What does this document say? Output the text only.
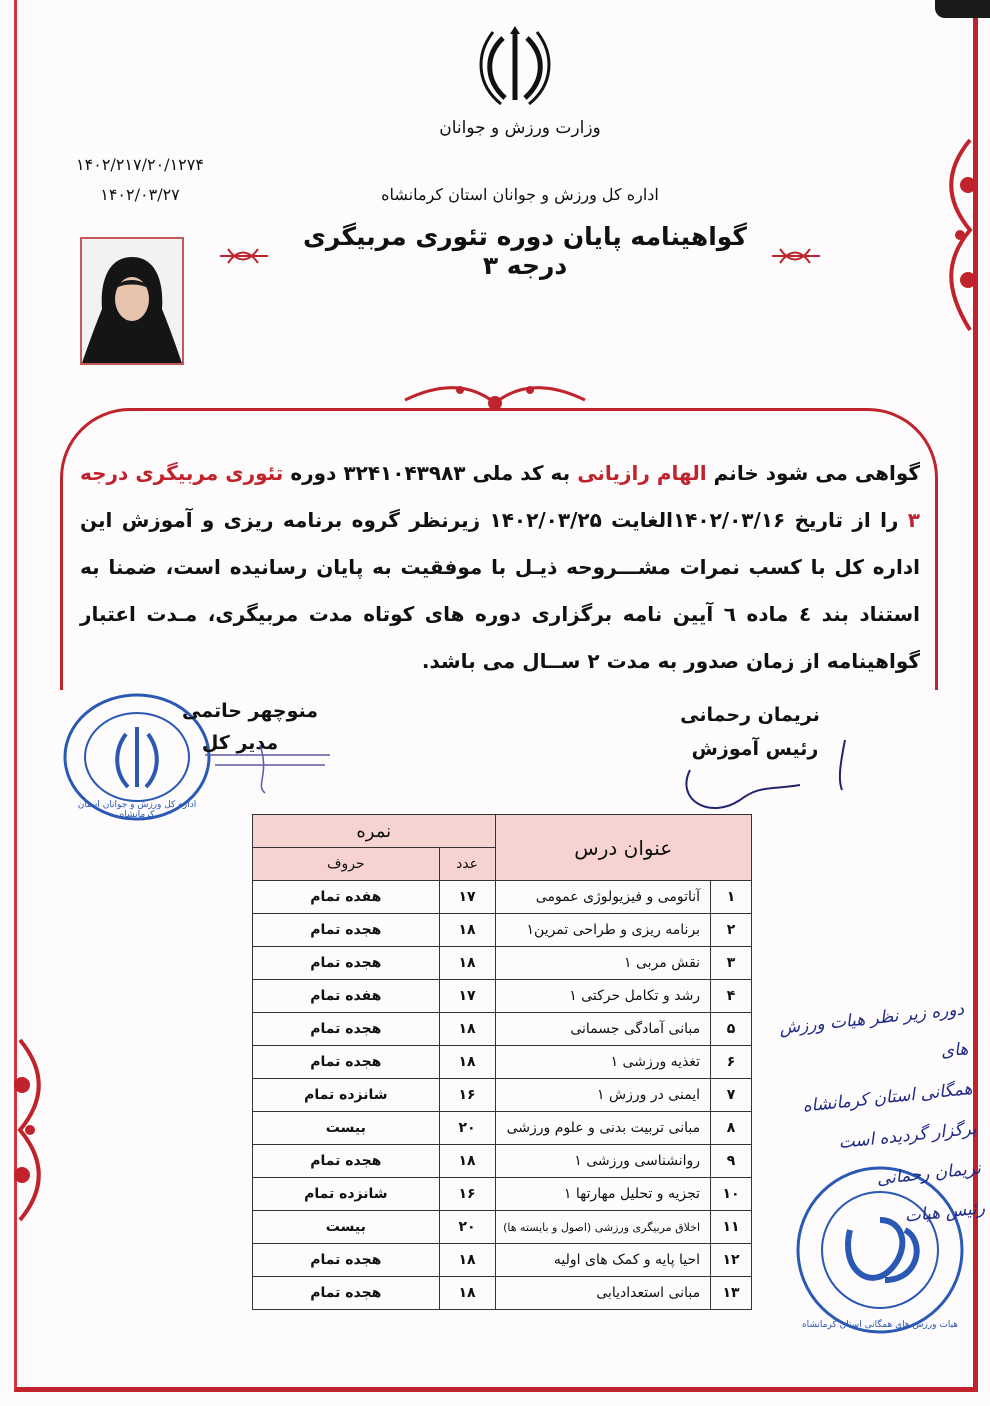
وزارت ورزش و جوانان
۱۴۰۲/۲۱۷/۲۰/۱۲۷۴
۱۴۰۲/۰۳/۲۷	اداره کل ورزش و جوانان استان کرمانشاه
گواهینامه پایان دوره تئوری مربیگری درجه ۳
گواهی می شود خانم الهام رازیانی به کد ملی ۳۲۴۱۰۴۳۹۸۳ دوره تئوری مربیگری درجه ۳ را از تاریخ ۱۴۰۲/۰۳/۱۶الغایت ۱۴۰۲/۰۳/۲۵ زیرنظر گروه برنامه ریزی و آموزش این اداره کل با کسب نمرات مشـــروحه ذیـل با موفقیت به پایان رسانیده است، ضمنا به استناد بند ٤ ماده ٦ آیین نامه برگزاری دوره های کوتاه مدت مربیگری، مـدت اعتبار گواهینامه از زمان صدور به مدت ۲ ســال می باشد.
اداره کل ورزش و جوانان استان کرمانشاه
منوچهر حاتمی
مدیر کل
نریمان رحمانی
رئیس آموزش
عنوان درس		نمره	
		عدد	حروف
۱	آناتومی و فیزیولوژی عمومی	۱۷	هفده تمام
۲	برنامه ریزی و طراحی تمرین۱	۱۸	هجده تمام
۳	نقش مربی ۱	۱۸	هجده تمام
۴	رشد و تکامل حرکتی ۱	۱۷	هفده تمام
۵	مبانی آمادگی جسمانی	۱۸	هجده تمام
۶	تغذیه ورزشی ۱	۱۸	هجده تمام
۷	ایمنی در ورزش ۱	۱۶	شانزده تمام
۸	مبانی تربیت بدنی و علوم ورزشی	۲۰	بیست
۹	روانشناسی ورزشی ۱	۱۸	هجده تمام
۱۰	تجزیه و تحلیل مهارتها ۱	۱۶	شانزده تمام
۱۱	اخلاق مربیگری ورزشی (اصول و بایسته ها)	۲۰	بیست
۱۲	احیا پایه و کمک های اولیه	۱۸	هجده تمام
۱۳	مبانی استعدادیابی	۱۸	هجده تمام
هیات ورزش های همگانی استان کرمانشاه
دوره زیر نظر هیات ورزش های
همگانی استان کرمانشاه
برگزار گردیده است
نریمان رحمانی
رئیس هیات
